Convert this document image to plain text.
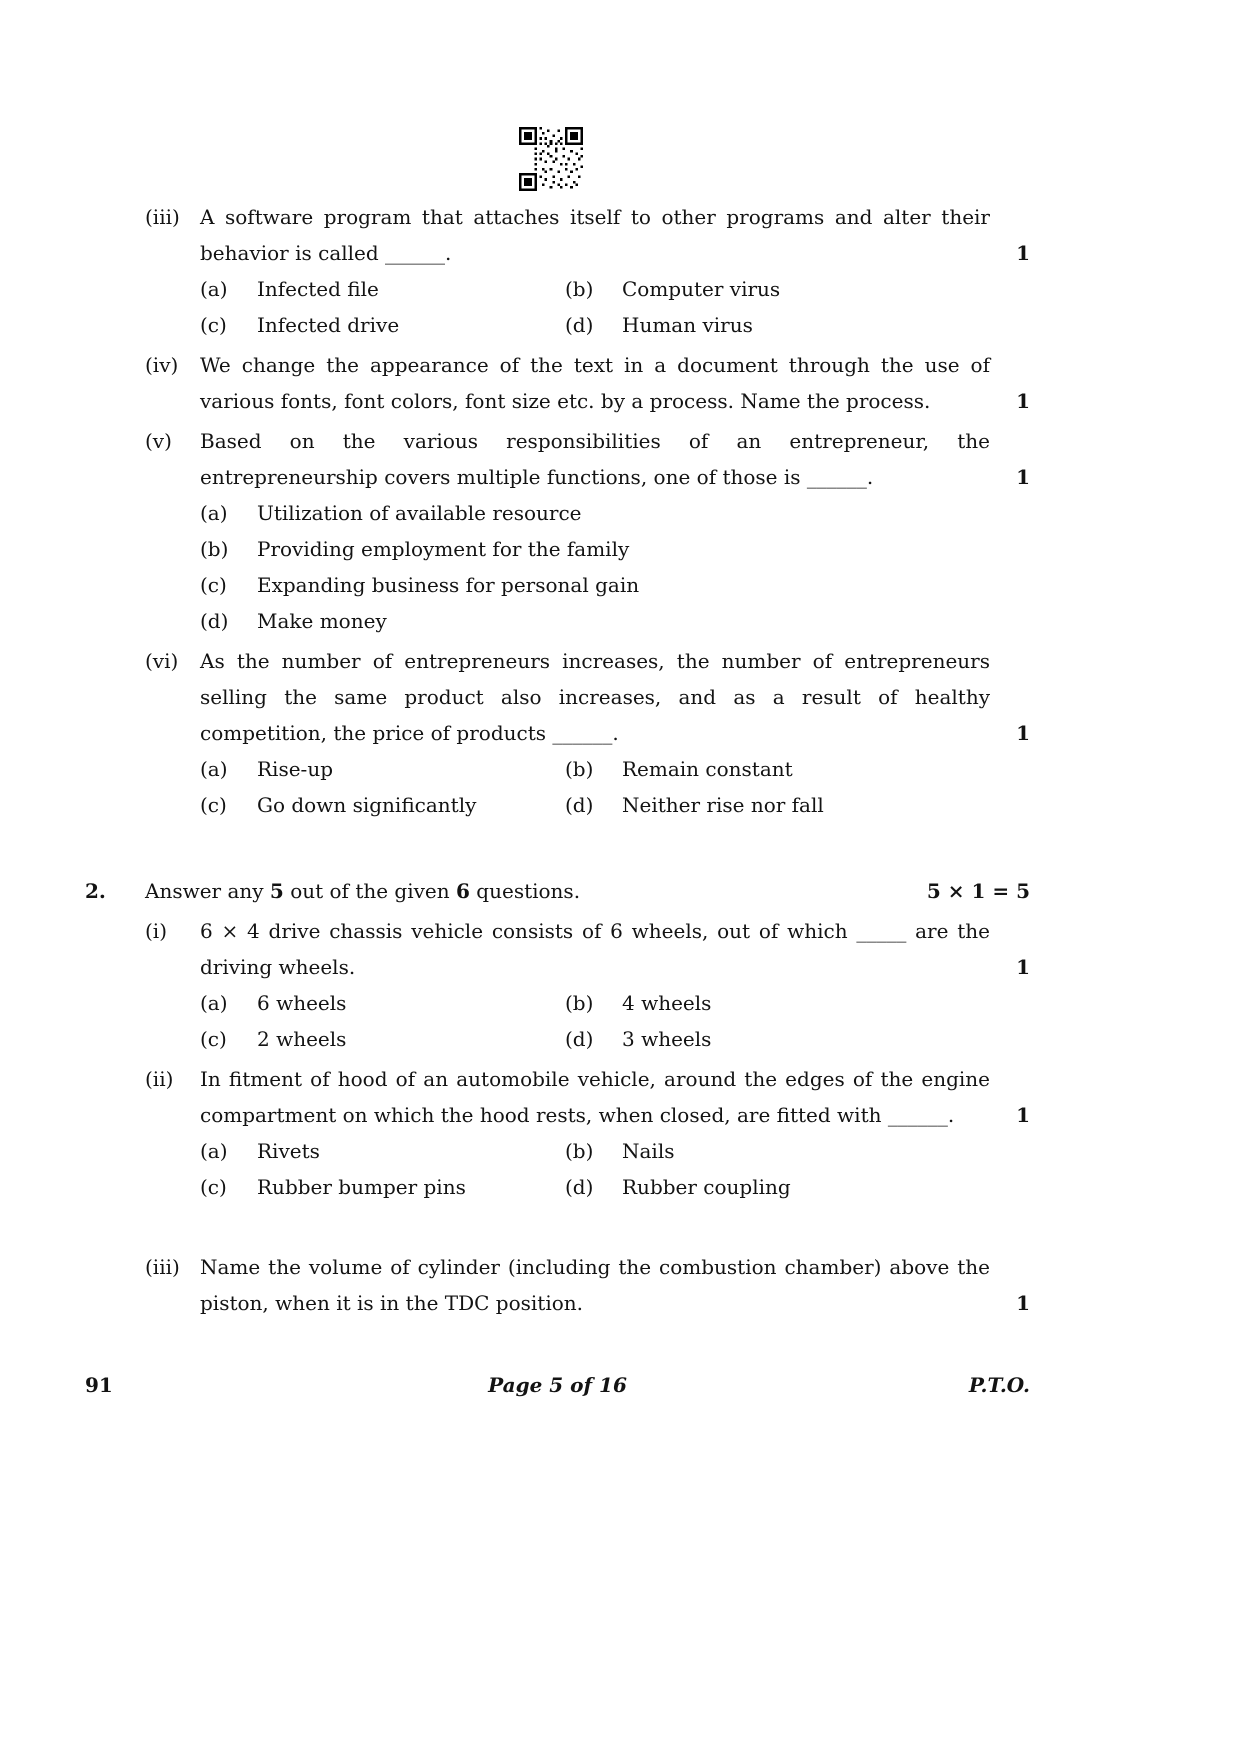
(iii)	A software program that attaches itself to other programs and alter their behavior is called ______.	1
(a)	Infected file	(b)	Computer virus
(c)	Infected drive	(d)	Human virus
(iv)	We change the appearance of the text in a document through the use of various fonts, font colors, font size etc. by a process. Name the process.	1
(v)	Based on the various responsibilities of an entrepreneur, the entrepreneurship covers multiple functions, one of those is ______.	1
(a)	Utilization of available resource
(b)	Providing employment for the family
(c)	Expanding business for personal gain
(d)	Make money
(vi)	As the number of entrepreneurs increases, the number of entrepreneurs selling the same product also increases, and as a result of healthy competition, the price of products ______.	1
(a)	Rise-up	(b)	Remain constant
(c)	Go down significantly	(d)	Neither rise nor fall
2.	Answer any 5 out of the given 6 questions.	5 × 1 = 5
(i)	6 × 4 drive chassis vehicle consists of 6 wheels, out of which _____ are the driving wheels.	1
(a)	6 wheels	(b)	4 wheels
(c)	2 wheels	(d)	3 wheels
(ii)	In fitment of hood of an automobile vehicle, around the edges of the engine compartment on which the hood rests, when closed, are fitted with ______.	1
(a)	Rivets	(b)	Nails
(c)	Rubber bumper pins	(d)	Rubber coupling
(iii)	Name the volume of cylinder (including the combustion chamber) above the piston, when it is in the TDC position.	1
91	Page 5 of 16	P.T.O.
